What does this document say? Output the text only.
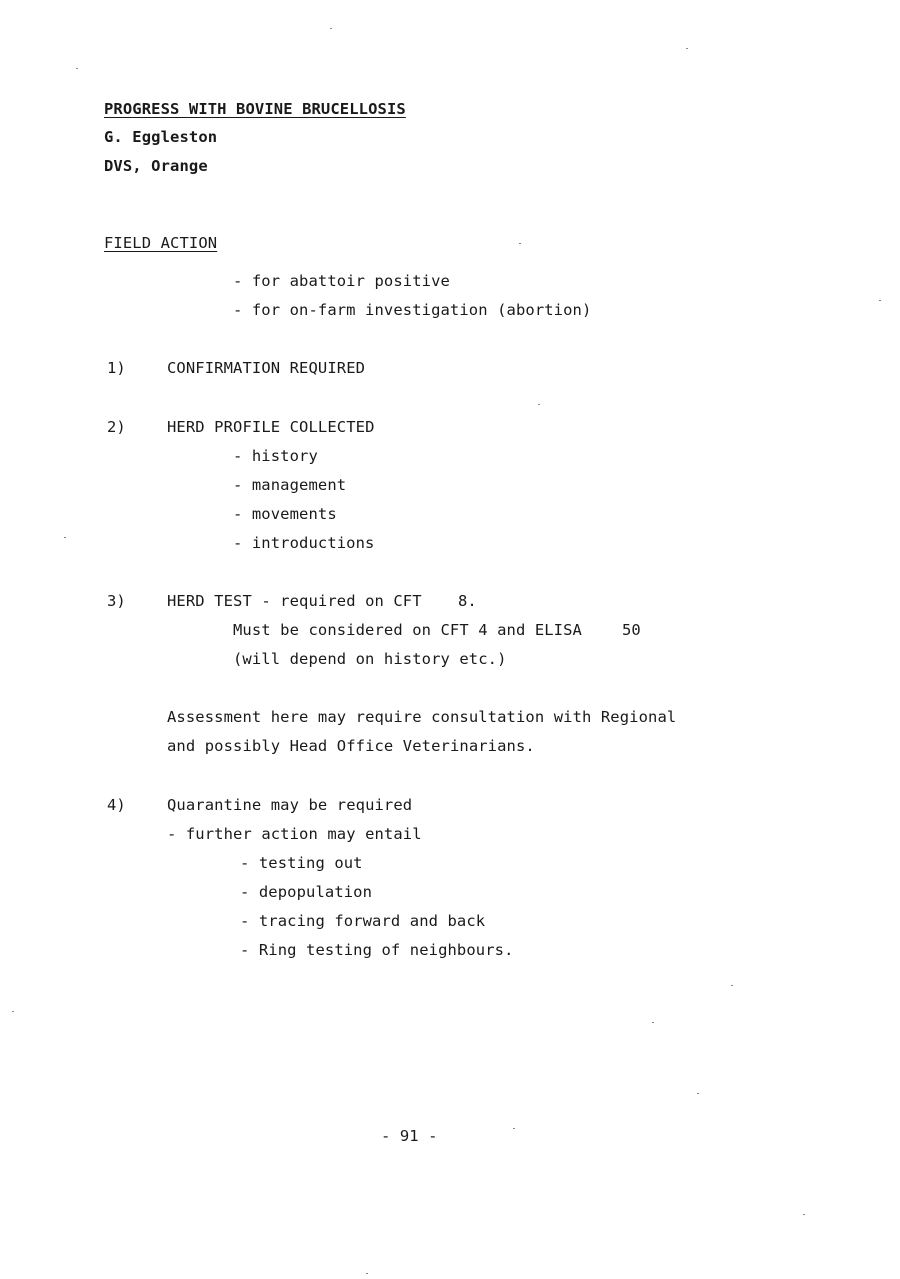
PROGRESS WITH BOVINE BRUCELLOSIS
G. Eggleston
DVS, Orange
FIELD ACTION
- for abattoir positive
- for on-farm investigation (abortion)
1)	CONFIRMATION REQUIRED
2)	HERD PROFILE COLLECTED
- history
- management
- movements
- introductions
3)	HERD TEST - required on CFT 8.
Must be considered on CFT 4 and ELISA	50
(will depend on history etc.)
Assessment here may require consultation with Regional
and possibly Head Office Veterinarians.
4)	Quarantine may be required
- further action may entail
- testing out
- depopulation
- tracing forward and back
- Ring testing of neighbours.
- 91 -
